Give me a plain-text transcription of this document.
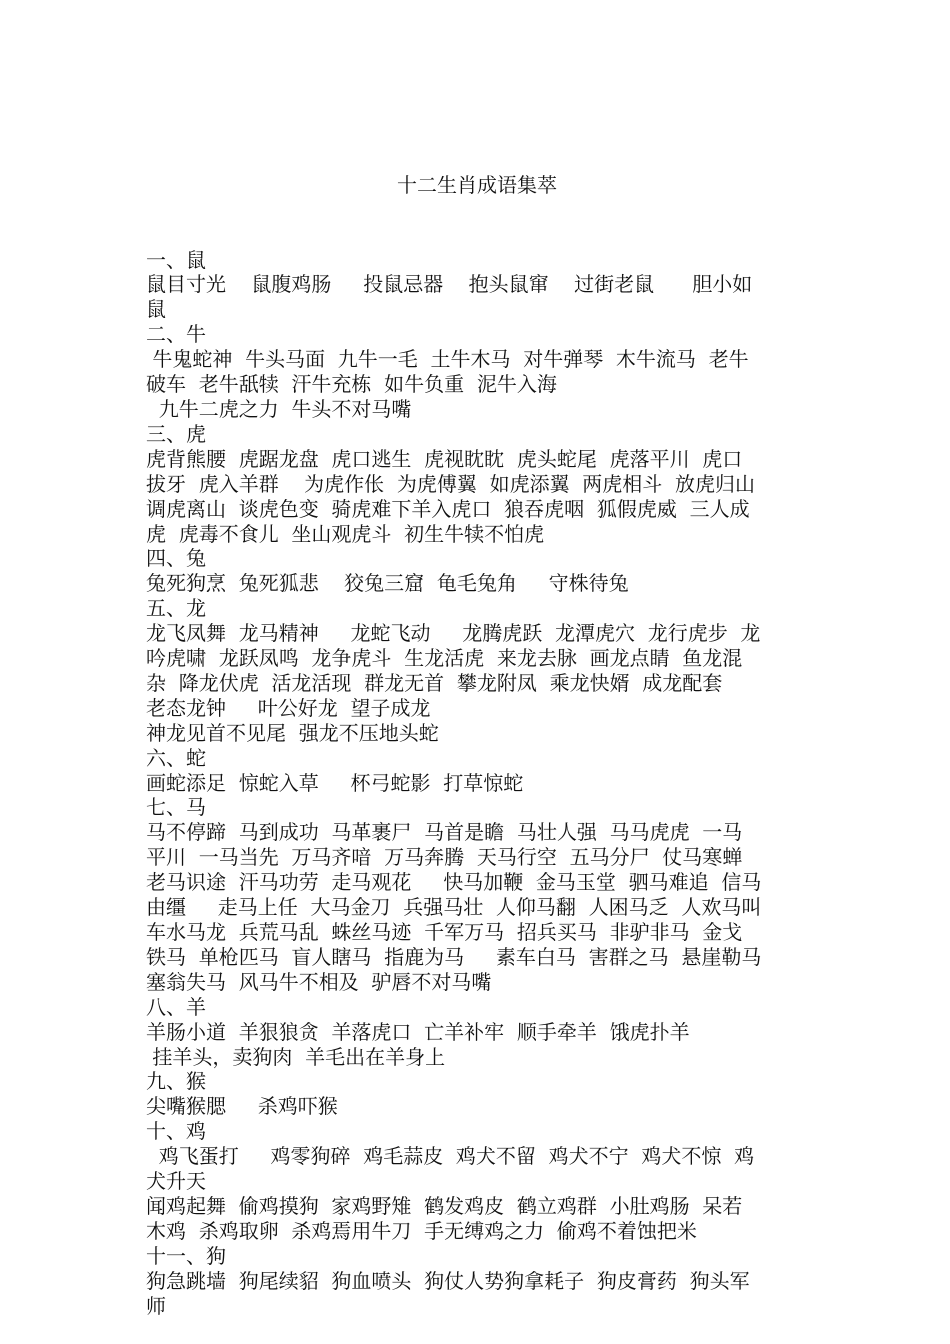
十二生肖成语集萃

一、鼠
鼠目寸光    鼠腹鸡肠     投鼠忌器    抱头鼠窜    过街老鼠      胆小如
鼠
二、牛
牛鬼蛇神  牛头马面  九牛一毛  土牛木马  对牛弹琴  木牛流马  老牛
破车  老牛舐犊  汗牛充栋  如牛负重  泥牛入海
九牛二虎之力  牛头不对马嘴
三、虎
虎背熊腰  虎踞龙盘  虎口逃生  虎视眈眈  虎头蛇尾  虎落平川  虎口
拔牙  虎入羊群    为虎作伥  为虎傅翼  如虎添翼  两虎相斗  放虎归山
调虎离山  谈虎色变  骑虎难下羊入虎口  狼吞虎咽  狐假虎威  三人成
虎  虎毒不食儿  坐山观虎斗  初生牛犊不怕虎
四、兔
兔死狗烹  兔死狐悲    狡兔三窟  龟毛兔角     守株待兔
五、龙
龙飞凤舞  龙马精神     龙蛇飞动     龙腾虎跃  龙潭虎穴  龙行虎步  龙
吟虎啸  龙跃凤鸣  龙争虎斗  生龙活虎  来龙去脉  画龙点睛  鱼龙混
杂  降龙伏虎  活龙活现  群龙无首  攀龙附凤  乘龙快婿  成龙配套
老态龙钟     叶公好龙  望子成龙
神龙见首不见尾  强龙不压地头蛇
六、蛇
画蛇添足  惊蛇入草     杯弓蛇影  打草惊蛇
七、马
马不停蹄  马到成功  马革裹尸  马首是瞻  马壮人强  马马虎虎  一马
平川  一马当先  万马齐喑  万马奔腾  天马行空  五马分尸  仗马寒蝉
老马识途  汗马功劳  走马观花     快马加鞭  金马玉堂  驷马难追  信马
由缰     走马上任  大马金刀  兵强马壮  人仰马翻  人困马乏  人欢马叫
车水马龙  兵荒马乱  蛛丝马迹  千军万马  招兵买马  非驴非马  金戈
铁马  单枪匹马  盲人瞎马  指鹿为马     素车白马  害群之马  悬崖勒马
塞翁失马  风马牛不相及  驴唇不对马嘴
八、羊
羊肠小道  羊狠狼贪  羊落虎口  亡羊补牢  顺手牵羊  饿虎扑羊
挂羊头，卖狗肉  羊毛出在羊身上
九、猴
尖嘴猴腮     杀鸡吓猴
十、鸡
鸡飞蛋打     鸡零狗碎  鸡毛蒜皮  鸡犬不留  鸡犬不宁  鸡犬不惊  鸡
犬升天
闻鸡起舞  偷鸡摸狗  家鸡野雉  鹤发鸡皮  鹤立鸡群  小肚鸡肠  呆若
木鸡  杀鸡取卵  杀鸡焉用牛刀  手无缚鸡之力  偷鸡不着蚀把米
十一、狗
狗急跳墙  狗尾续貂  狗血喷头  狗仗人势狗拿耗子  狗皮膏药  狗头军
师
